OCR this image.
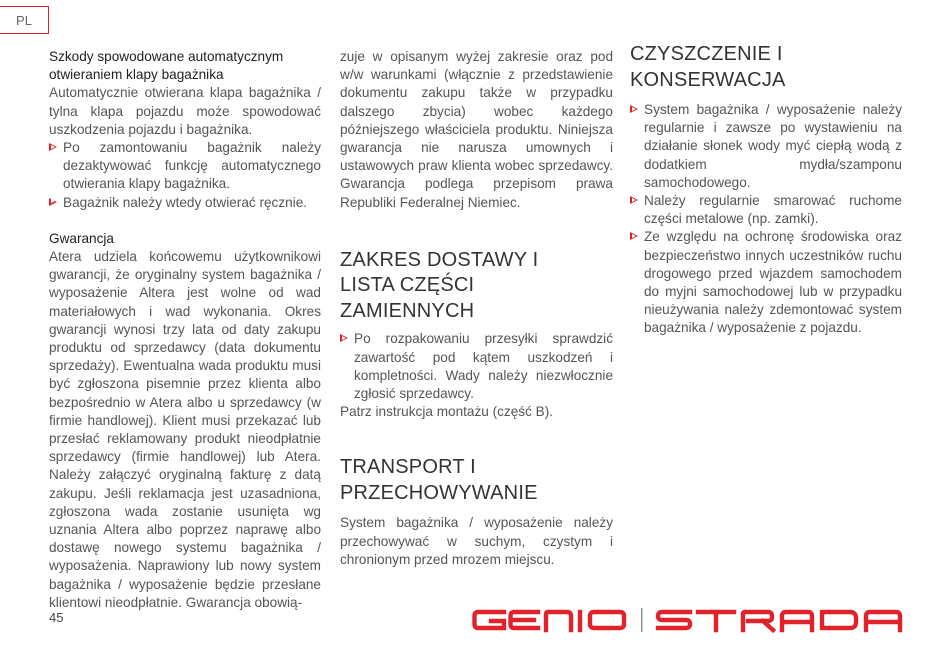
PL

Szkody spowodowane automatycznym
otwieraniem klapy bagażnika

Automatycznie otwierana klapa bagażnika / tylna klapa pojazdu może spowodować uszkodzenia pojazdu i bagażnika.

Po zamontowaniu bagażnik należy dezaktywować funkcję automatycznego otwierania klapy bagażnika.
Bagażnik należy wtedy otwierać ręcznie.

Gwarancja

Atera udziela końcowemu użytkownikowi gwarancji, że oryginalny system bagażnika / wyposażenie Altera jest wolne od wad materiałowych i wad wykonania. Okres gwarancji wynosi trzy lata od daty zakupu produktu od sprzedawcy (data dokumentu sprzedaży). Ewentualna wada produktu musi być zgłoszona pisemnie przez klienta albo bezpośrednio w Atera albo u sprzedawcy (w firmie handlowej). Klient musi przekazać lub przesłać reklamowany produkt nieodpłatnie sprzedawcy (firmie handlowej) lub Atera. Należy załączyć oryginalną fakturę z datą zakupu. Jeśli reklamacja jest uzasadniona, zgłoszona wada zostanie usunięta wg uznania Altera albo poprzez naprawę albo dostawę nowego systemu bagażnika / wyposażenia. Naprawiony lub nowy system bagażnika / wyposażenie będzie przesłane klientowi nieodpłatnie. Gwarancja obowią-

zuje w opisanym wyżej zakresie oraz pod w/w warunkami (włącznie z przedstawienie dokumentu zakupu także w przypadku dalszego zbycia) wobec każdego późniejszego właściciela produktu. Niniejsza gwarancja nie narusza umownych i ustawowych praw klienta wobec sprzedawcy. Gwarancja podlega przepisom prawa Republiki Federalnej Niemiec.

ZAKRES DOSTAWY I
LISTA CZĘŚCI
ZAMIENNYCH
Po rozpakowaniu przesyłki sprawdzić zawartość pod kątem uszkodzeń i kompletności. Wady należy niezwłocznie zgłosić sprzedawcy.

Patrz instrukcja montażu (część B).

TRANSPORT I
PRZECHOWYWANIE

System bagażnika / wyposażenie należy przechowywać w suchym, czystym i chronionym przed mrozem miejscu.

CZYSZCZENIE I
KONSERWACJA
System bagażnika / wyposażenie należy regularnie i zawsze po wystawieniu na działanie słonek wody myć ciepłą wodą z dodatkiem mydła/szamponu samochodowego.
Należy regularnie smarować ruchome części metalowe (np. zamki).
Ze względu na ochronę środowiska oraz bezpieczeństwo innych uczestników ruchu drogowego przed wjazdem samochodem do myjni samochodowej lub w przypadku nieużywania należy zdemontować system bagażnika / wyposażenie z pojazdu.
45
